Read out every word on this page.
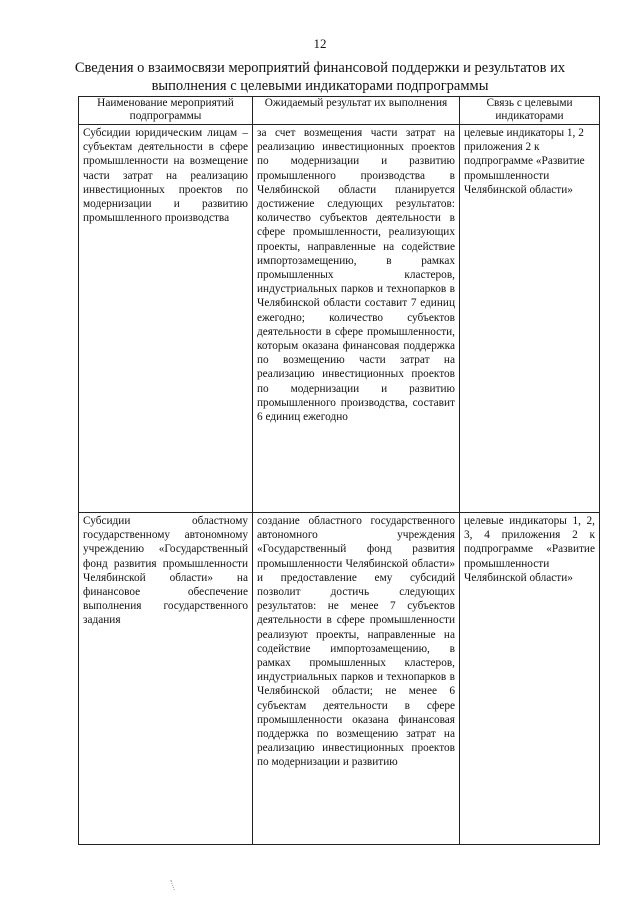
12
Сведения о взаимосвязи мероприятий финансовой поддержки и результатов их выполнения с целевыми индикаторами подпрограммы
Наименование мероприятий подпрограммы	Ожидаемый результат их выполнения	Связь с целевыми индикаторами
Субсидии юридическим лицам – субъектам деятельности в сфере промышленности на возмещение части затрат на реализацию инвестиционных проектов по модернизации и развитию промышленного производства	за счет возмещения части затрат на реализацию инвестиционных проектов по модернизации и развитию промышленного производства в Челябинской области планируется достижение следующих результатов: количество субъектов деятельности в сфере промышленности, реализующих проекты, направленные на содействие импортозамещению, в рамках промышленных кластеров, индустриальных парков и технопарков в Челябинской области составит 7 единиц ежегодно; количество субъектов деятельности в сфере промышленности, которым оказана финансовая поддержка по возмещению части затрат на реализацию инвестиционных проектов по модернизации и развитию промышленного производства, составит 6 единиц ежегодно	целевые индикаторы 1, 2 приложения 2 к подпрограмме «Развитие промышленности Челябинской области»
Субсидии областному государственному автономному учреждению «Государственный фонд развития промышленности Челябинской области» на финансовое обеспечение выполнения государственного задания	создание областного государственного автономного учреждения «Государственный фонд развития промышленности Челябинской области» и предоставление ему субсидий позволит достичь следующих результатов: не менее 7 субъектов деятельности в сфере промышленности реализуют проекты, направленные на содействие импортозамещению, в рамках промышленных кластеров, индустриальных парков и технопарков в Челябинской области; не менее 6 субъектам деятельности в сфере промышленности оказана финансовая поддержка по возмещению затрат на реализацию инвестиционных проектов по модернизации и развитию	целевые индикаторы 1, 2, 3, 4 приложения 2 к подпрограмме «Развитие промышленности Челябинской области»
